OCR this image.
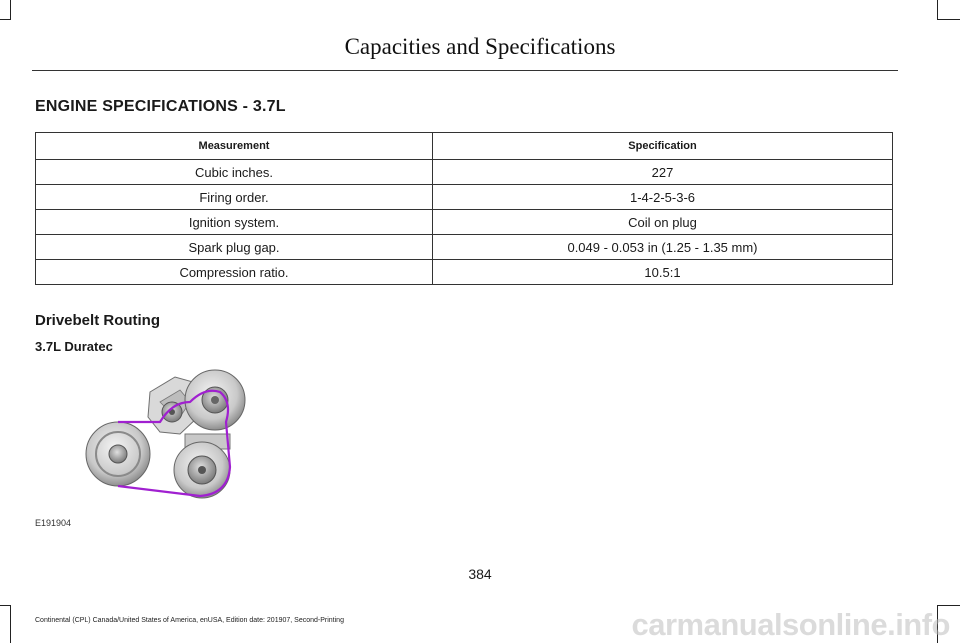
Capacities and Specifications
ENGINE SPECIFICATIONS - 3.7L
Measurement	Specification
Cubic inches.	227
Firing order.	1-4-2-5-3-6
Ignition system.	Coil on plug
Spark plug gap.	0.049 - 0.053 in (1.25 - 1.35 mm)
Compression ratio.	10.5:1
Drivebelt Routing
3.7L Duratec
E191904
384
Continental (CPL) Canada/United States of America, enUSA, Edition date: 201907, Second-Printing	carmanualsonline.info
